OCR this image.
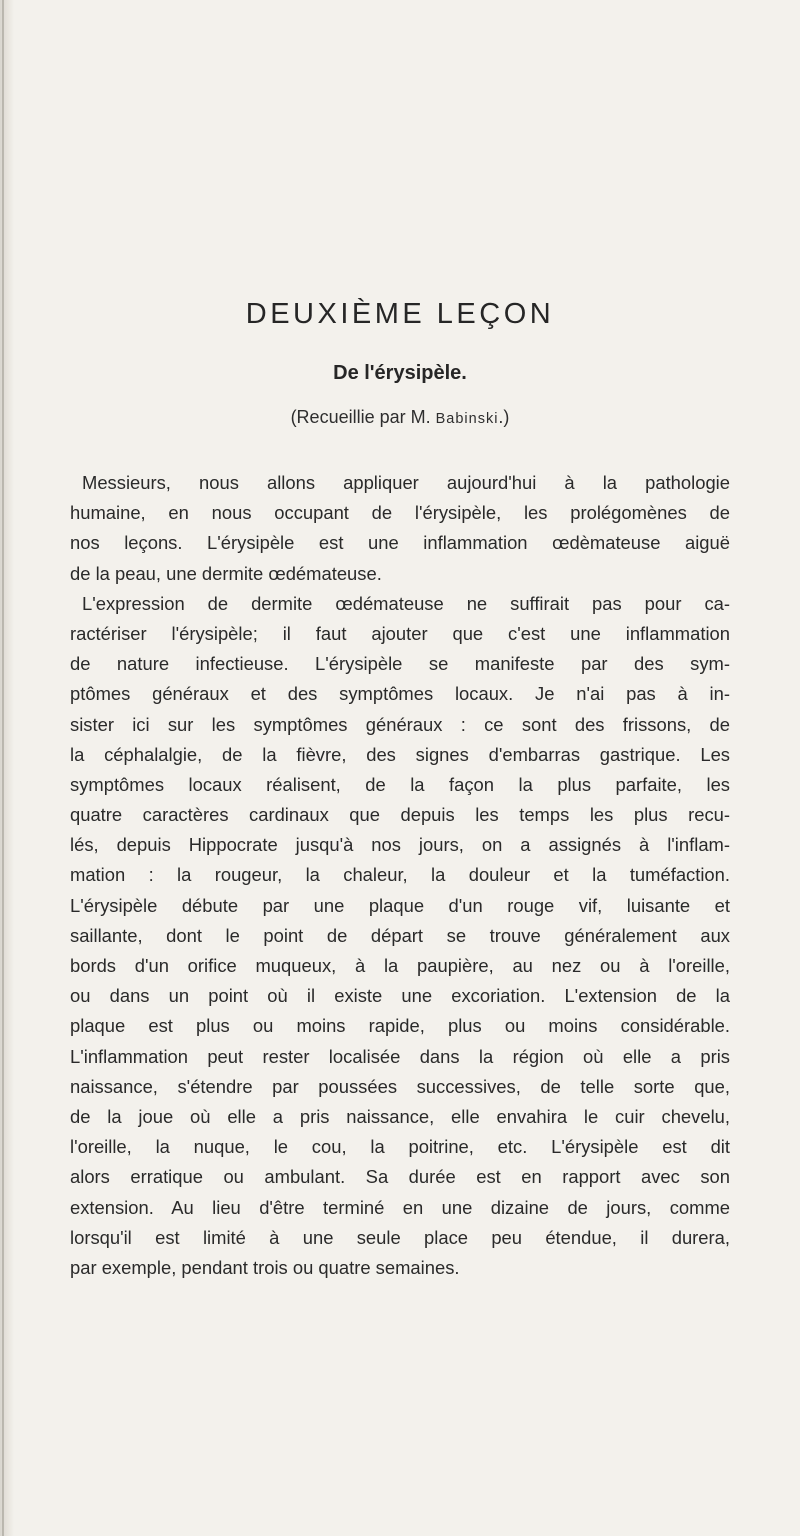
DEUXIÈME LEÇON
De l'érysipèle.
(Recueillie par M. Babinski.)
Messieurs, nous allons appliquer aujourd'hui à la pathologie
humaine, en nous occupant de l'érysipèle, les prolégomènes de
nos leçons. L'érysipèle est une inflammation œdèmateuse aiguë
de la peau, une dermite œdémateuse.
L'expression de dermite œdémateuse ne suffirait pas pour ca-
ractériser l'érysipèle; il faut ajouter que c'est une inflammation
de nature infectieuse. L'érysipèle se manifeste par des sym-
ptômes généraux et des symptômes locaux. Je n'ai pas à in-
sister ici sur les symptômes généraux : ce sont des frissons, de
la céphalalgie, de la fièvre, des signes d'embarras gastrique. Les
symptômes locaux réalisent, de la façon la plus parfaite, les
quatre caractères cardinaux que depuis les temps les plus recu-
lés, depuis Hippocrate jusqu'à nos jours, on a assignés à l'inflam-
mation : la rougeur, la chaleur, la douleur et la tuméfaction.
L'érysipèle débute par une plaque d'un rouge vif, luisante et
saillante, dont le point de départ se trouve généralement aux
bords d'un orifice muqueux, à la paupière, au nez ou à l'oreille,
ou dans un point où il existe une excoriation. L'extension de la
plaque est plus ou moins rapide, plus ou moins considérable.
L'inflammation peut rester localisée dans la région où elle a pris
naissance, s'étendre par poussées successives, de telle sorte que,
de la joue où elle a pris naissance, elle envahira le cuir chevelu,
l'oreille, la nuque, le cou, la poitrine, etc. L'érysipèle est dit
alors erratique ou ambulant. Sa durée est en rapport avec son
extension. Au lieu d'être terminé en une dizaine de jours, comme
lorsqu'il est limité à une seule place peu étendue, il durera,
par exemple, pendant trois ou quatre semaines.
